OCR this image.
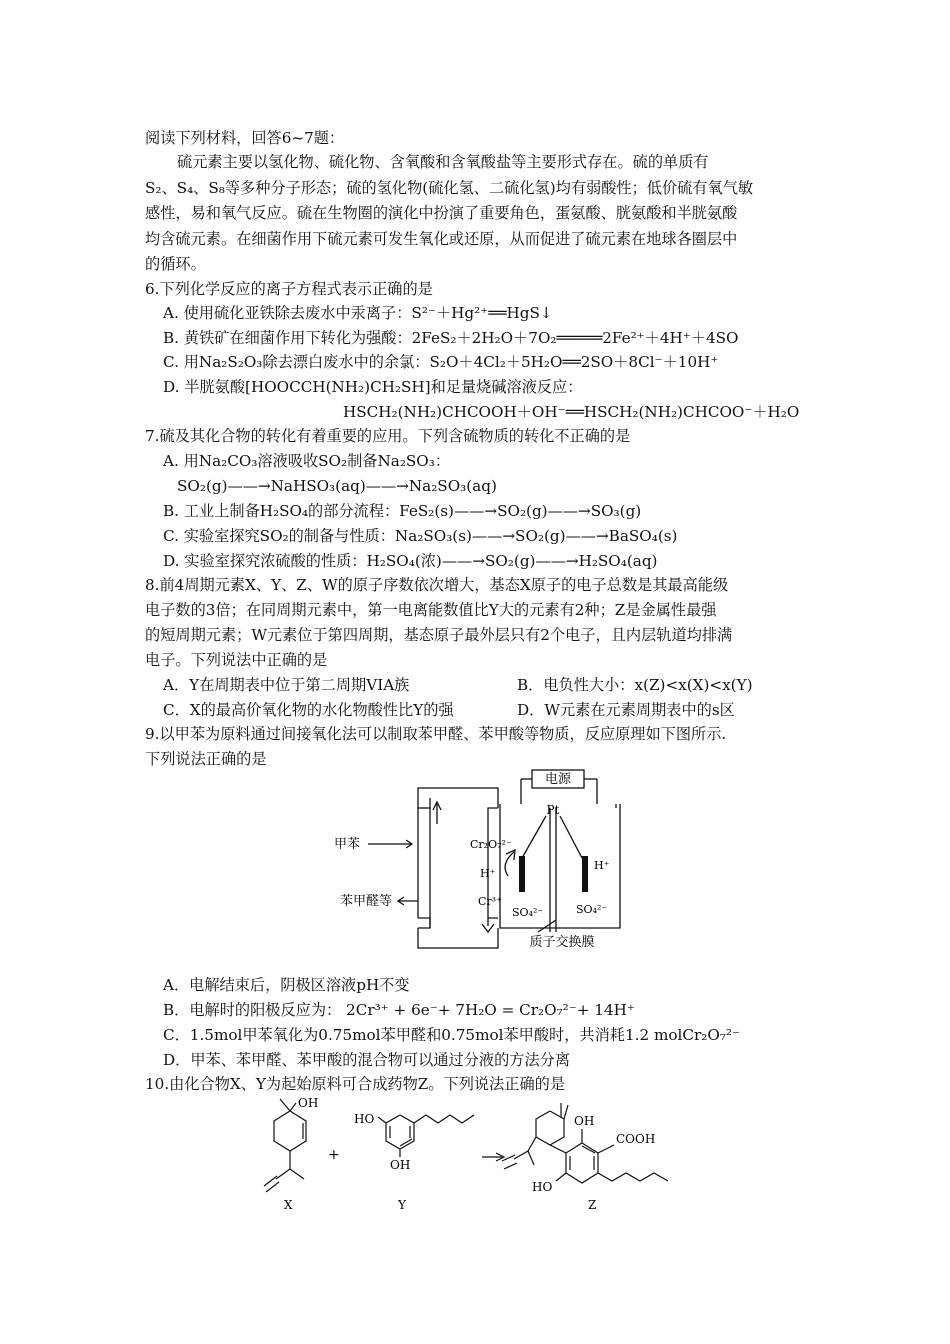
阅读下列材料，回答6~7题：
硫元素主要以氢化物、硫化物、含氧酸和含氧酸盐等主要形式存在。硫的单质有
S₂、S₄、S₈等多种分子形态；硫的氢化物(硫化氢、二硫化氢)均有弱酸性；低价硫有氧气敏
感性，易和氧气反应。硫在生物圈的演化中扮演了重要角色，蛋氨酸、胱氨酸和半胱氨酸
均含硫元素。在细菌作用下硫元素可发生氧化或还原，从而促进了硫元素在地球各圈层中
的循环。
6.下列化学反应的离子方程式表示正确的是
A. 使用硫化亚铁除去废水中汞离子：S²⁻＋Hg²⁺══HgS↓
B. 黄铁矿在细菌作用下转化为强酸：2FeS₂＋2H₂O＋7O₂═════2Fe²⁺＋4H⁺＋4SO
C. 用Na₂S₂O₃除去漂白废水中的余氯：S₂O＋4Cl₂＋5H₂O══2SO＋8Cl⁻＋10H⁺
D. 半胱氨酸[HOOCCH(NH₂)CH₂SH]和足量烧碱溶液反应：
HSCH₂(NH₂)CHCOOH＋OH⁻══HSCH₂(NH₂)CHCOO⁻＋H₂O
7.硫及其化合物的转化有着重要的应用。下列含硫物质的转化不正确的是
A. 用Na₂CO₃溶液吸收SO₂制备Na₂SO₃：
SO₂(g)——→NaHSO₃(aq)——→Na₂SO₃(aq)
B. 工业上制备H₂SO₄的部分流程：FeS₂(s)——→SO₂(g)——→SO₃(g)
C. 实验室探究SO₂的制备与性质：Na₂SO₃(s)——→SO₂(g)——→BaSO₄(s)
D. 实验室探究浓硫酸的性质：H₂SO₄(浓)——→SO₂(g)——→H₂SO₄(aq)
8.前4周期元素X、Y、Z、W的原子序数依次增大，基态X原子的电子总数是其最高能级
电子数的3倍；在同周期元素中，第一电离能数值比Y大的元素有2种；Z是金属性最强
的短周期元素；W元素位于第四周期，基态原子最外层只有2个电子，且内层轨道均排满
电子。下列说法中正确的是
A．Y在周期表中位于第二周期VIA族	B．电负性大小：x(Z)<x(X)<x(Y)
C．X的最高价氧化物的水化物酸性比Y的强	D．W元素在元素周期表中的s区
9.以甲苯为原料通过间接氧化法可以制取苯甲醛、苯甲酸等物质，反应原理如下图所示.
下列说法正确的是
电源
Pt
甲苯
苯甲醛等
Cr₂O₇²⁻
H⁺
Cr³⁺
SO₄²⁻	SO₄²⁻
H⁺
质子交换膜
A．电解结束后，阴极区溶液pH不变
B．电解时的阳极反应为： 2Cr³⁺ + 6e⁻+ 7H₂O = Cr₂O₇²⁻+ 14H⁺
C．1.5mol甲苯氧化为0.75mol苯甲醛和0.75mol苯甲酸时，共消耗1.2 molCr₂O₇²⁻
D．甲苯、苯甲醛、苯甲酸的混合物可以通过分液的方法分离
10.由化合物X、Y为起始原料可合成药物Z。下列说法正确的是
OH
+
HO
OH
OH
COOH
HO
X	Y	Z
